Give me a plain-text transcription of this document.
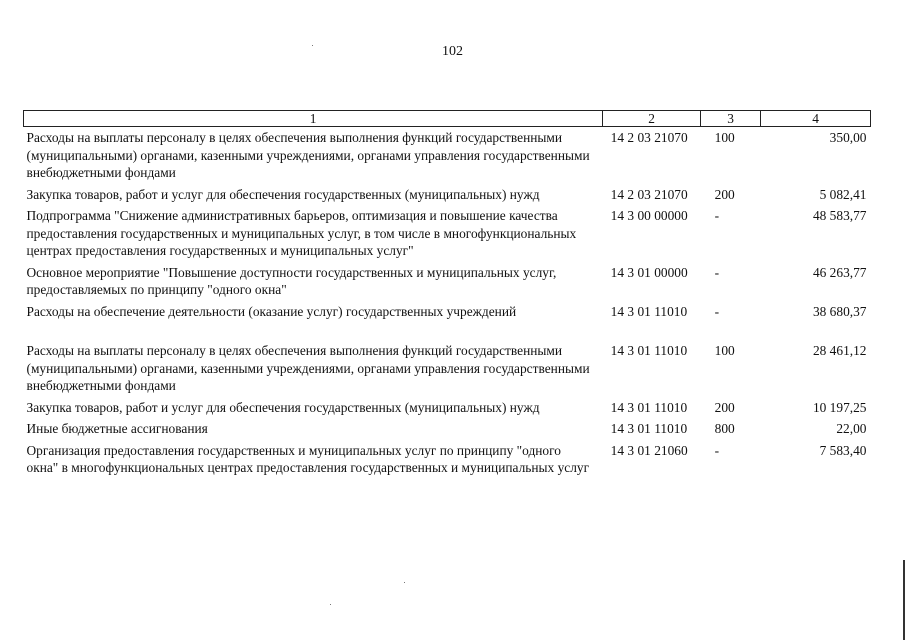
102
1	2	3	4
Расходы на выплаты персоналу в целях обеспечения выполнения функций государственными (муниципальными) органами, казенными учреждениями, органами управления государственными внебюджетными фондами	14 2 03 21070	100	350,00
Закупка товаров, работ и услуг для обеспечения государственных (муниципальных) нужд	14 2 03 21070	200	5 082,41
Подпрограмма "Снижение административных барьеров, оптимизация и повышение качества предоставления государственных и муниципальных услуг, в том числе в многофункциональных центрах предоставления государственных и муниципальных услуг"	14 3 00 00000	-	48 583,77
Основное мероприятие "Повышение доступности государственных и муниципальных услуг, предоставляемых по принципу "одного окна"	14 3 01 00000	-	46 263,77
Расходы на обеспечение деятельности (оказание услуг) государственных учреждений	14 3 01 11010	-	38 680,37
Расходы на выплаты персоналу в целях обеспечения выполнения функций государственными (муниципальными) органами, казенными учреждениями, органами управления государственными внебюджетными фондами	14 3 01 11010	100	28 461,12
Закупка товаров, работ и услуг для обеспечения государственных (муниципальных) нужд	14 3 01 11010	200	10 197,25
Иные бюджетные ассигнования	14 3 01 11010	800	22,00
Организация предоставления государственных и муниципальных услуг по принципу "одного окна" в многофункциональных центрах предоставления государственных и муниципальных услуг	14 3 01 21060	-	7 583,40
